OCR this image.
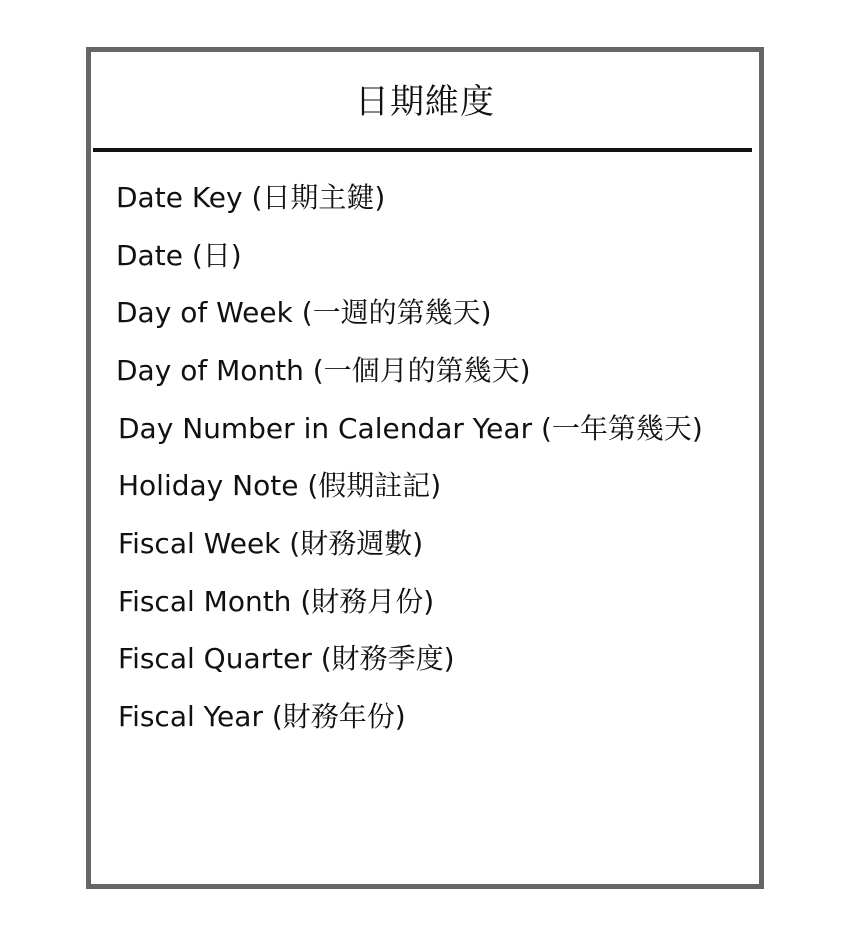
日期維度
Date Key (日期主鍵)
Date (日)
Day of Week (一週的第幾天)
Day of Month (一個月的第幾天)
Day Number in Calendar Year (一年第幾天)
Holiday Note (假期註記)
Fiscal Week (財務週數)
Fiscal Month (財務月份)
Fiscal Quarter (財務季度)
Fiscal Year (財務年份)
